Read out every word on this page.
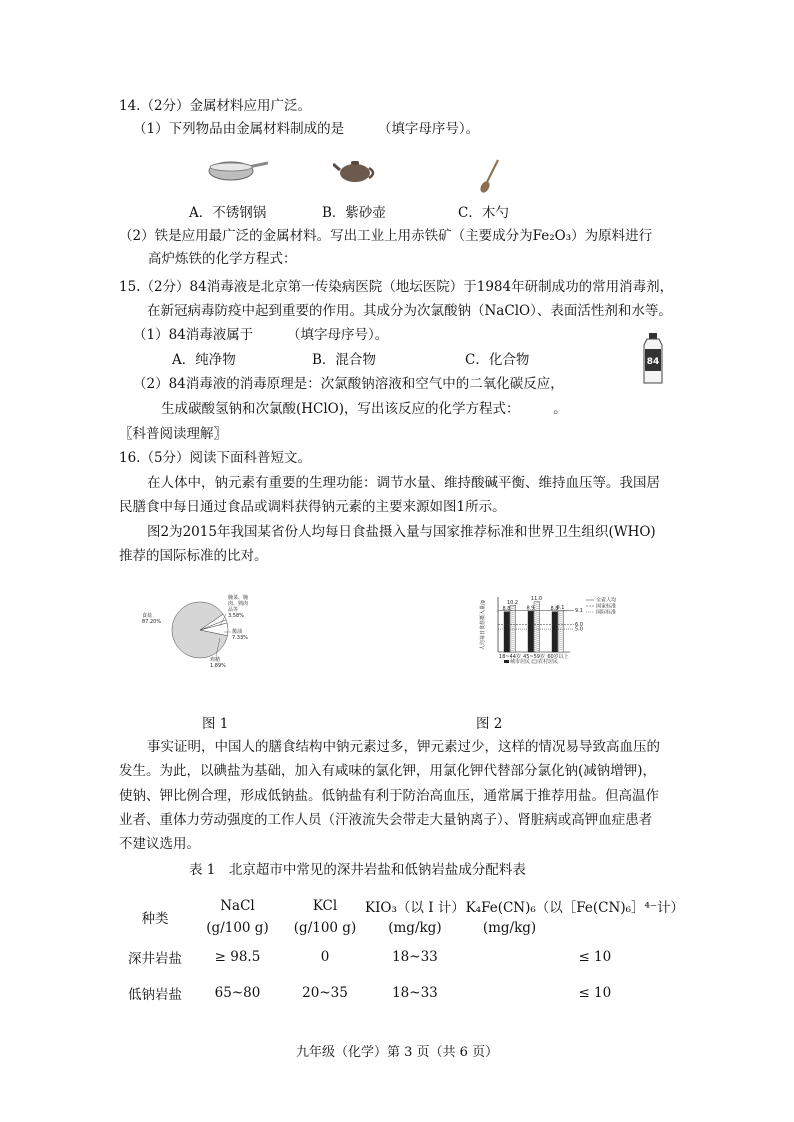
14.（2分）金属材料应用广泛。
（1）下列物品由金属材料制成的是　　　（填字母序号）。
A．不锈钢锅	B．紫砂壶	C．木勺
（2）铁是应用最广泛的金属材料。写出工业上用赤铁矿（主要成分为Fe₂O₃）为原料进行
高炉炼铁的化学方程式：
15.（2分）84消毒液是北京第一传染病医院（地坛医院）于1984年研制成功的常用消毒剂，
在新冠病毒防疫中起到重要的作用。其成分为次氯酸钠（NaClO）、表面活性剂和水等。
（1）84消毒液属于　　　（填字母序号）。
A．纯净物	B．混合物	C．化合物	84
（2）84消毒液的消毒原理是：次氯酸钠溶液和空气中的二氧化碳反应，
生成碳酸氢钠和次氯酸(HClO)，写出该反应的化学方程式：　　　。
〖科普阅读理解〗
16.（5分）阅读下面科普短文。
在人体中，钠元素有重要的生理功能：调节水量、维持酸碱平衡、维持血压等。我国居
民膳食中每日通过食品或调料获得钠元素的主要来源如图1所示。
图2为2015年我国某省份人均每日食盐摄入量与国家推荐标准和世界卫生组织(WHO)
推荐的国际标准的比对。
食盐
87.20%
腌菜、腌
肉、熟肉
品等
3.58%
酱油
7.33%
鸡精
1.89%
人均每日食盐摄入量/g	8.8
10.2
18~44岁
8.9
11.0
45~59岁
8.8
9.1
60岁以上
9.1
全省人均
6.0
国家标准
5.0
国际标准
城市居民 农村居民
图 1	图 2
事实证明，中国人的膳食结构中钠元素过多，钾元素过少，这样的情况易导致高血压的
发生。为此，以碘盐为基础，加入有咸味的氯化钾，用氯化钾代替部分氯化钠(减钠增钾)，
使钠、钾比例合理，形成低钠盐。低钠盐有利于防治高血压，通常属于推荐用盐。但高温作
业者、重体力劳动强度的工作人员（汗液流失会带走大量钠离子）、肾脏病或高钾血症患者
不建议选用。
表 1　北京超市中常见的深井岩盐和低钠岩盐成分配料表
种类	NaCl	KCl	KIO₃（以 I 计）	K₄Fe(CN)₆（以［Fe(CN)₆］⁴⁻计）
	(g/100 g)	(g/100 g)	(mg/kg)	(mg/kg)
深井岩盐	≥ 98.5	0	18~33	≤ 10
低钠岩盐	65~80	20~35	18~33	≤ 10
九年级（化学）第 3 页（共 6 页）
